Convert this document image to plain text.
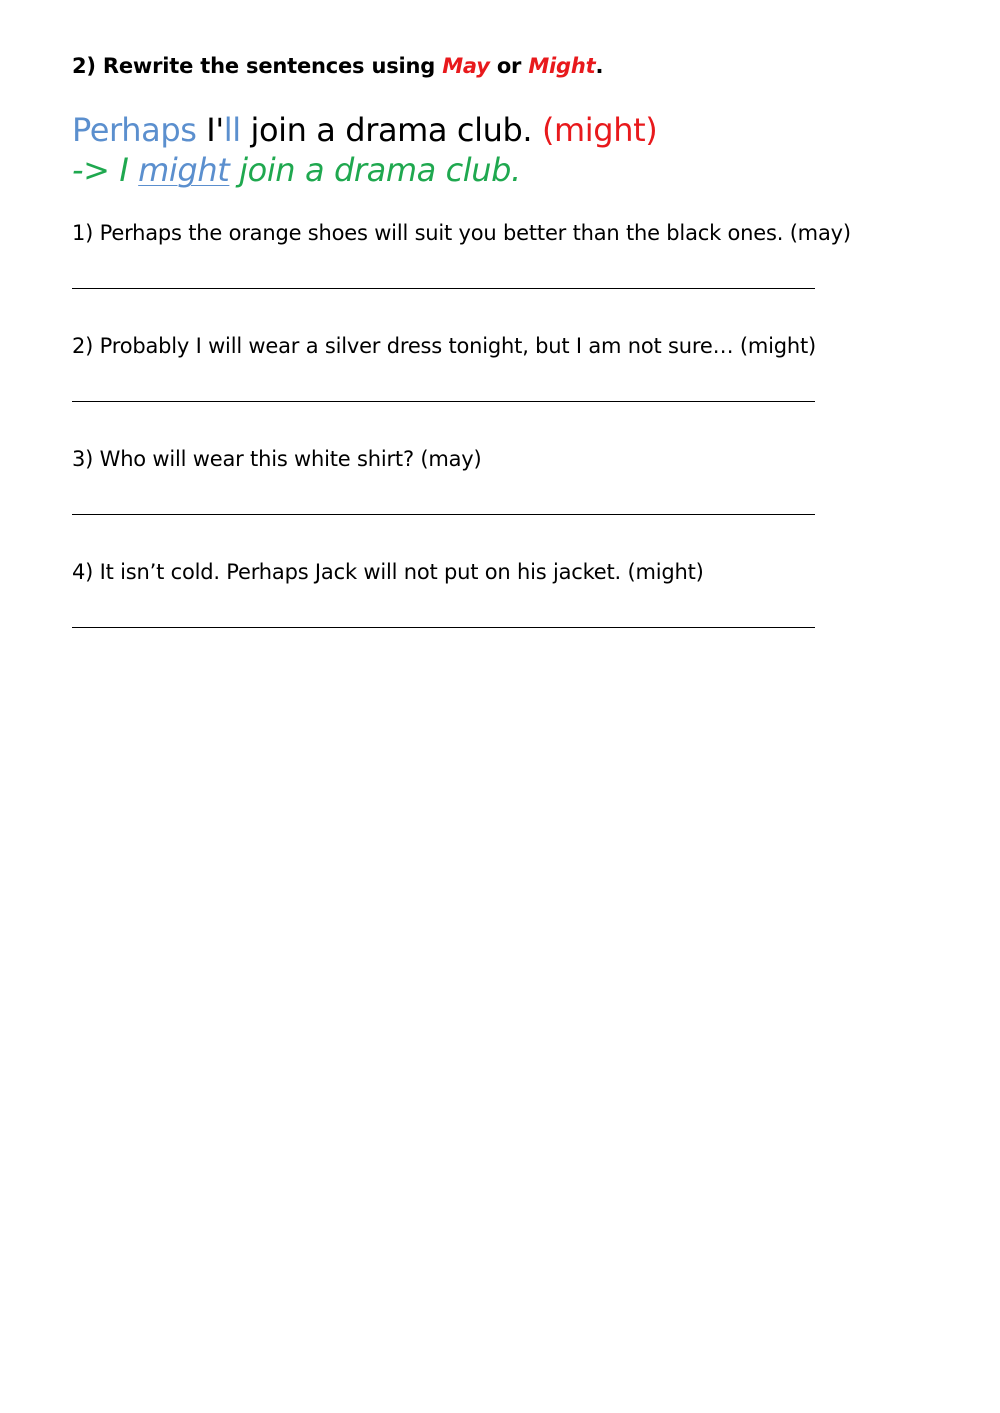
2) Rewrite the sentences using May or Might.
Perhaps I'll join a drama club. (might)
-> I might join a drama club.
1) Perhaps the orange shoes will suit you better than the black ones. (may)
2) Probably I will wear a silver dress tonight, but I am not sure… (might)
3) Who will wear this white shirt? (may)
4) It isn’t cold. Perhaps Jack will not put on his jacket. (might)
